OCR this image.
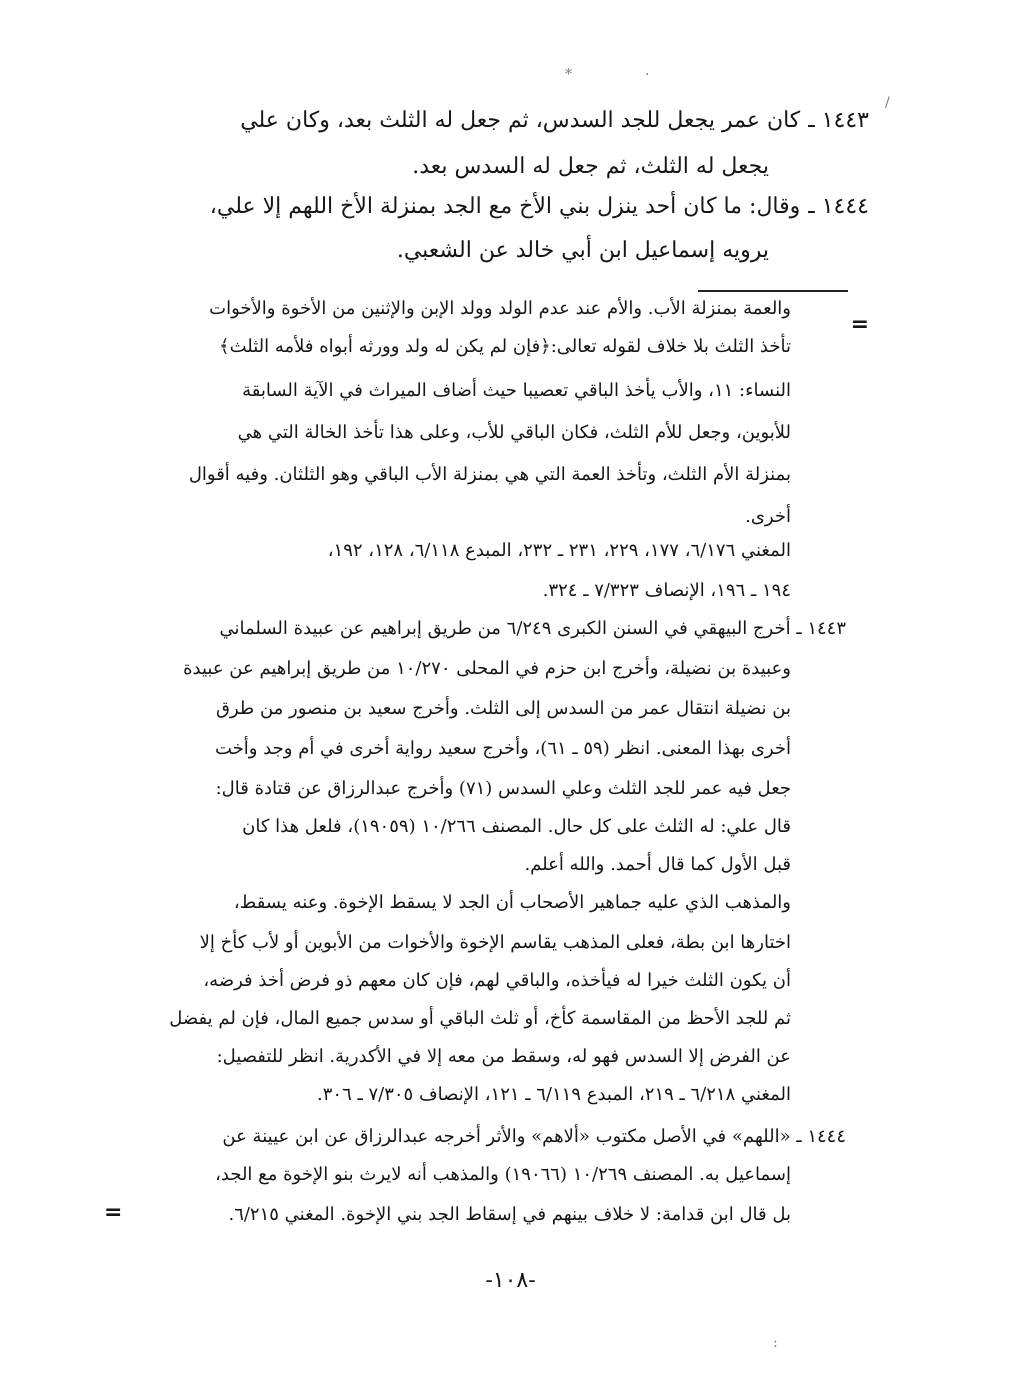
١٤٤٣ ـكان عمر يجعل للجد السدس، ثم جعل له الثلث بعد، وكان علي
يجعل له الثلث، ثم جعل له السدس بعد.
١٤٤٤ ـوقال: ما كان أحد ينزل بني الأخ مع الجد بمنزلة الأخ اللهم إلا علي،
يرويه إسماعيل ابن أبي خالد عن الشعبي.
=
والعمة بمنزلة الأب. والأم عند عدم الولد وولد الإبن والإثنين من الأخوة والأخوات
تأخذ الثلث بلا خلاف لقوله تعالى:﴿فإن لم يكن له ولد وورثه أبواه فلأمه الثلث﴾
النساء: ١١، والأب يأخذ الباقي تعصيبا حيث أضاف الميراث في الآية السابقة
للأبوين، وجعل للأم الثلث، فكان الباقي للأب، وعلى هذا تأخذ الخالة التي هي
بمنزلة الأم الثلث، وتأخذ العمة التي هي بمنزلة الأب الباقي وهو الثلثان. وفيه أقوال
أخرى.
المغني ٦/١٧٦، ١٧٧، ٢٢٩، ٢٣١ ـ ٢٣٢، المبدع ٦/١١٨، ١٢٨، ١٩٢،
١٩٤ ـ ١٩٦، الإنصاف ٧/٣٢٣ ـ ٣٢٤.
١٤٤٣ ـ أخرج البيهقي في السنن الكبرى ٦/٢٤٩ من طريق إبراهيم عن عبيدة السلماني
وعبيدة بن نضيلة، وأخرج ابن حزم في المحلى ١٠/٢٧٠ من طريق إبراهيم عن عبيدة
بن نضيلة انتقال عمر من السدس إلى الثلث. وأخرج سعيد بن منصور من طرق
أخرى بهذا المعنى. انظر (٥٩ ـ ٦١)، وأخرج سعيد رواية أخرى في أم وجد وأخت
جعل فيه عمر للجد الثلث وعلي السدس (٧١) وأخرج عبدالرزاق عن قتادة قال:
قال علي: له الثلث على كل حال. المصنف ١٠/٢٦٦ (١٩٠٥٩)، فلعل هذا كان
قبل الأول كما قال أحمد. والله أعلم.
والمذهب الذي عليه جماهير الأصحاب أن الجد لا يسقط الإخوة. وعنه يسقط،
اختارها ابن بطة، فعلى المذهب يقاسم الإخوة والأخوات من الأبوين أو لأب كأخ إلا
أن يكون الثلث خيرا له فيأخذه، والباقي لهم، فإن كان معهم ذو فرض أخذ فرضه،
ثم للجد الأحظ من المقاسمة كأخ، أو ثلث الباقي أو سدس جميع المال، فإن لم يفضل
عن الفرض إلا السدس فهو له، وسقط من معه إلا في الأكدرية. انظر للتفصيل:
المغني ٦/٢١٨ ـ ٢١٩، المبدع ٦/١١٩ ـ ١٢١، الإنصاف ٧/٣٠٥ ـ ٣٠٦.
١٤٤٤ ـ «اللهم» في الأصل مكتوب «ألاهم» والأثر أخرجه عبدالرزاق عن ابن عيينة عن
إسماعيل به. المصنف ١٠/٢٦٩ (١٩٠٦٦) والمذهب أنه لايرث بنو الإخوة مع الجد،
بل قال ابن قدامة: لا خلاف بينهم في إسقاط الجد بني الإخوة. المغني ٦/٢١٥.
=
-١٠٨-
⁎	·
/
:
